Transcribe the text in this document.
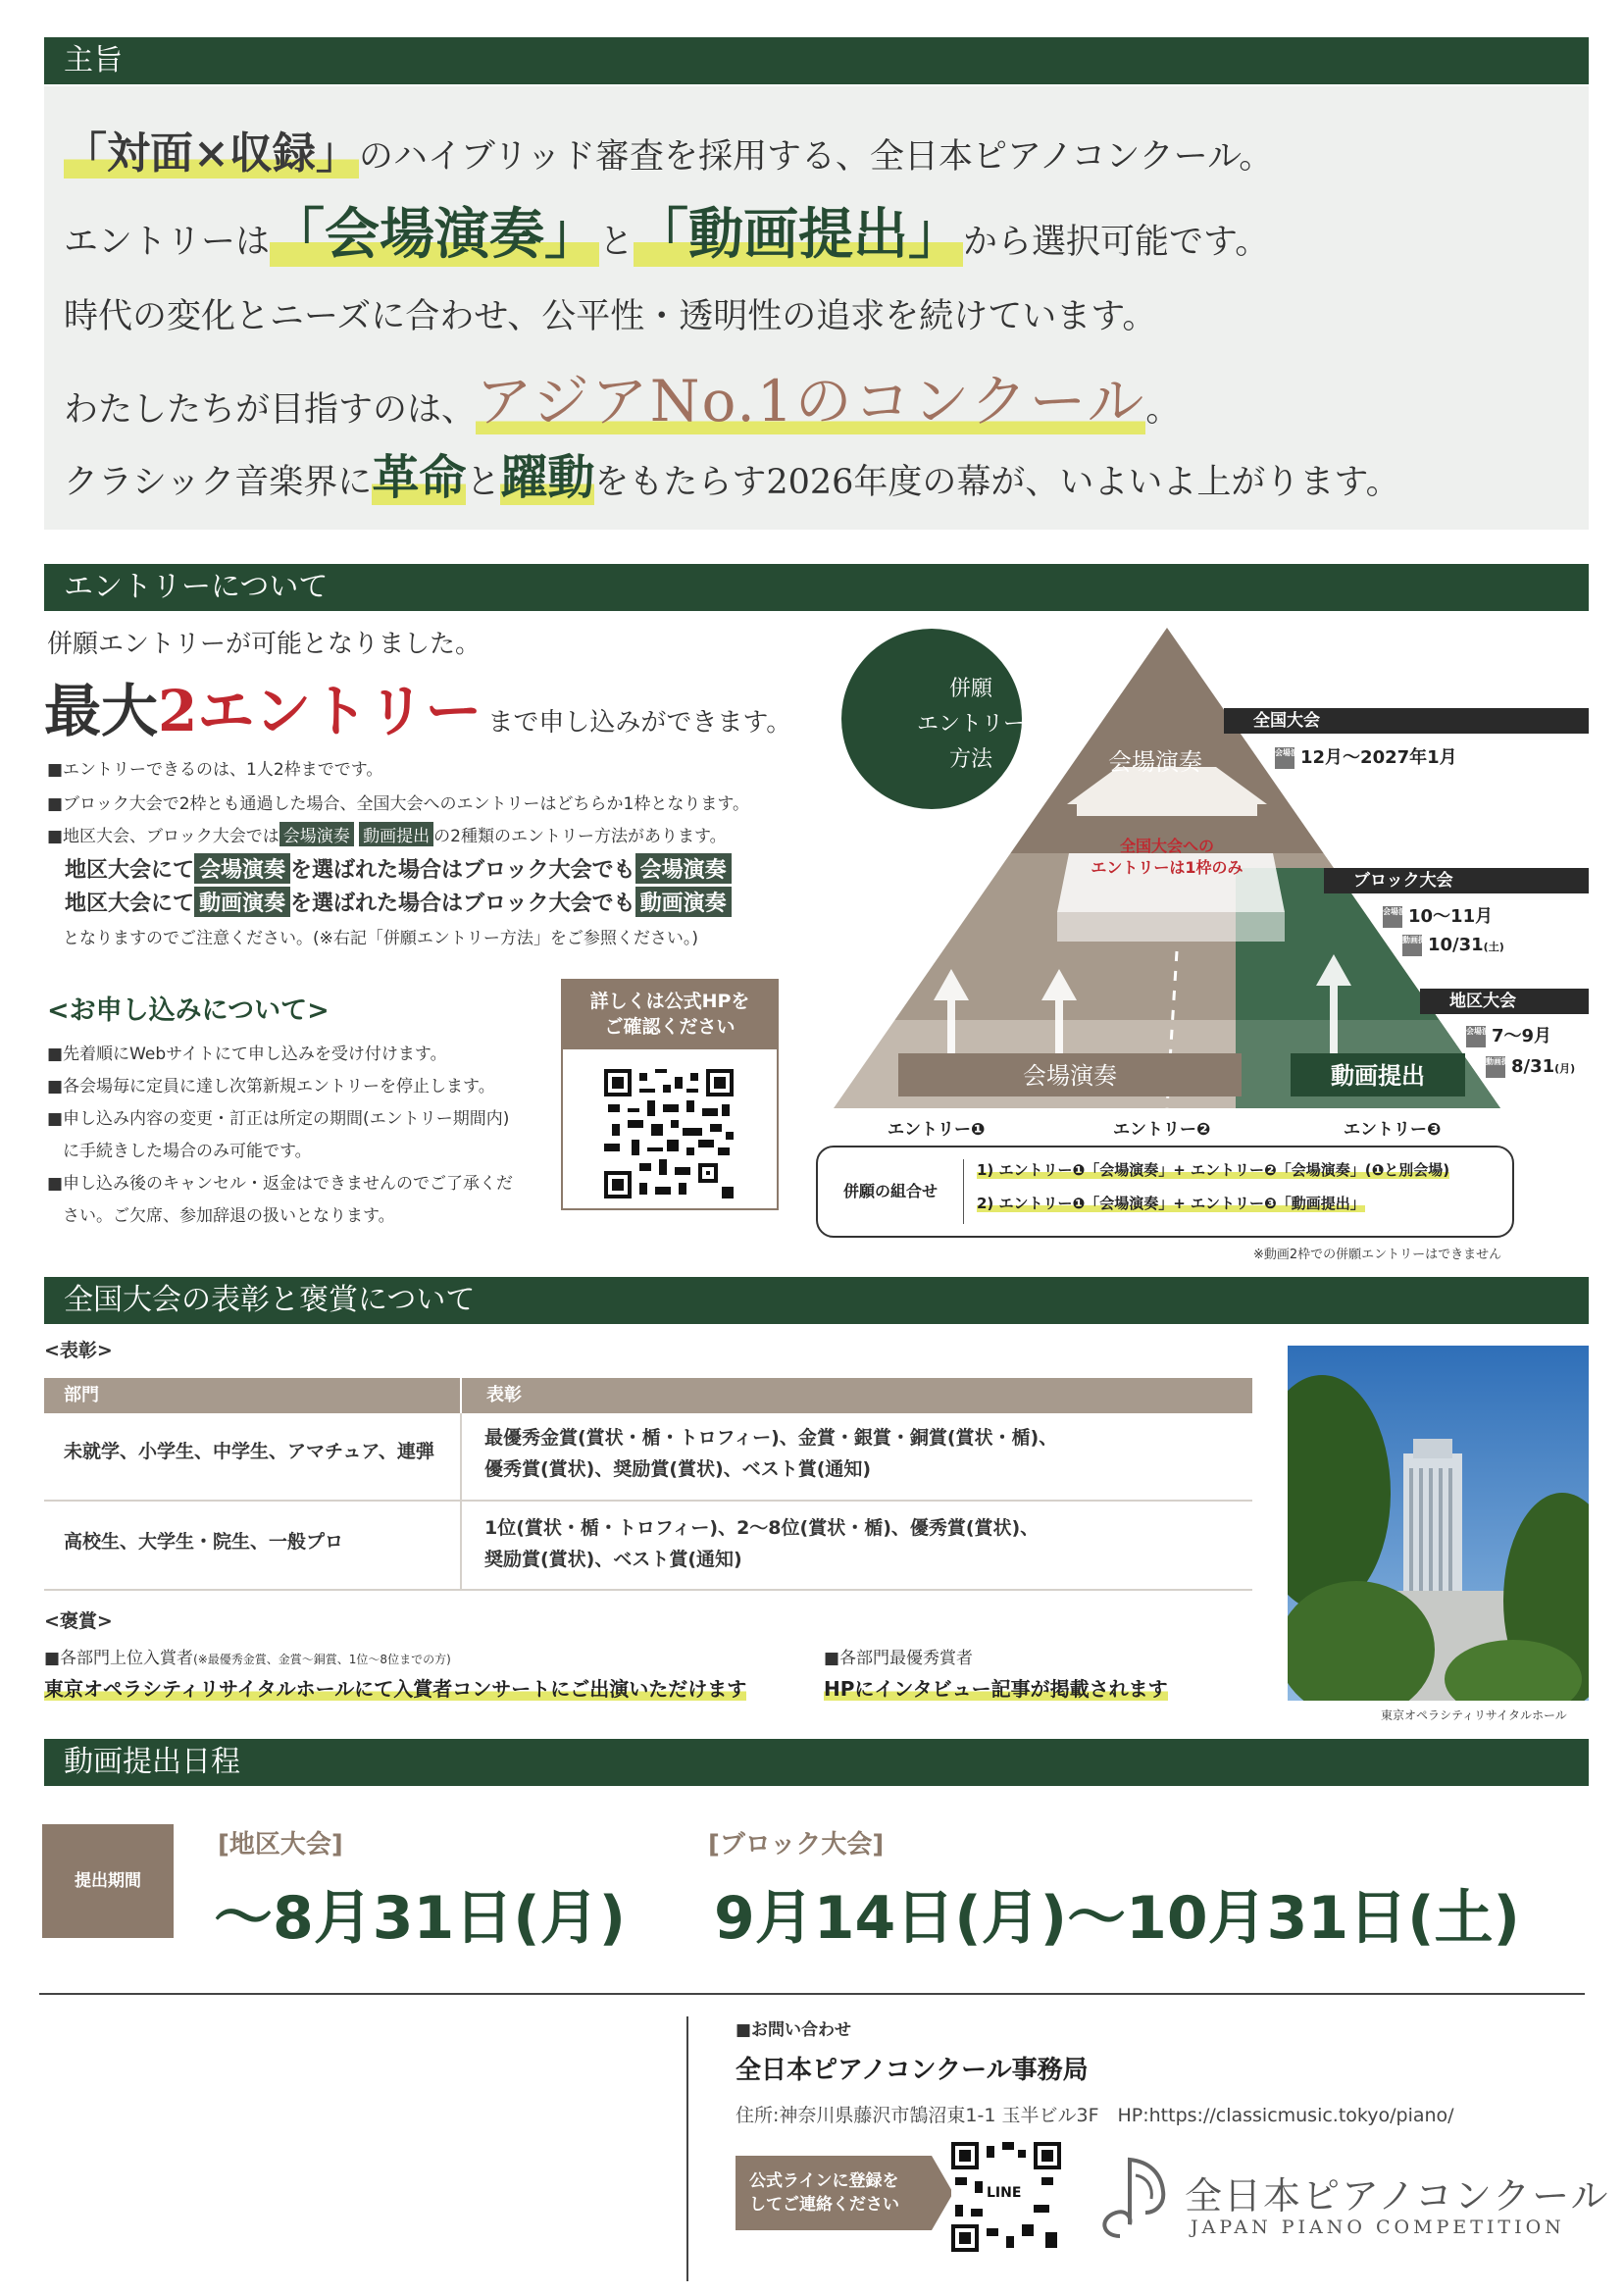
主旨
「対面×収録」のハイブリッド審査を採用する、全日本ピアノコンクール。
エントリーは「会場演奏」と「動画提出」から選択可能です。
時代の変化とニーズに合わせ、公平性・透明性の追求を続けています。
わたしたちが目指すのは、アジアNo.1のコンクール。
クラシック音楽界に革命と躍動をもたらす2026年度の幕が、いよいよ上がります。
エントリーについて
併願エントリーが可能となりました。
最大2エントリー まで申し込みができます。
■エントリーできるのは、1人2枠までです。
■ブロック大会で2枠とも通過した場合、全国大会へのエントリーはどちらか1枠となります。
■地区大会、ブロック大会では 会場演奏 動画提出 の2種類のエントリー方法があります。
地区大会にて 会場演奏 を選ばれた場合はブロック大会でも 会場演奏
地区大会にて 動画演奏 を選ばれた場合はブロック大会でも 動画演奏
となりますのでご注意ください。(※右記「併願エントリー方法」をご参照ください。)
<お申し込みについて>
■先着順にWebサイトにて申し込みを受け付けます。
■各会場毎に定員に達し次第新規エントリーを停止します。
■申し込み内容の変更・訂正は所定の期間(エントリー期間内)
に手続きした場合のみ可能です。
■申し込み後のキャンセル・返金はできませんのでご了承くだ
さい。ご欠席、参加辞退の扱いとなります。
詳しくは公式HPを
ご確認ください
併願
エントリー
方法	会場演奏
全国大会への
エントリーは1枠のみ
会場演奏	動画提出
全国大会
会場演奏12月〜2027年1月
ブロック大会
会場演奏10〜11月
動画提出10/31(土)
地区大会
会場演奏7〜9月
動画提出8/31(月)
エントリー❶	エントリー❷	エントリー❸
併願の組合せ
1) エントリー❶「会場演奏」+ エントリー❷「会場演奏」(❶と別会場)
2) エントリー❶「会場演奏」+ エントリー❸「動画提出」
※動画2枠での併願エントリーはできません
全国大会の表彰と褒賞について
<表彰>
部門	表彰
未就学、小学生、中学生、アマチュア、連弾
最優秀金賞(賞状・楯・トロフィー)、金賞・銀賞・銅賞(賞状・楯)、
優秀賞(賞状)、奨励賞(賞状)、ベスト賞(通知)
高校生、大学生・院生、一般プロ
1位(賞状・楯・トロフィー)、2〜8位(賞状・楯)、優秀賞(賞状)、
奨励賞(賞状)、ベスト賞(通知)
<褒賞>
■各部門上位入賞者(※最優秀金賞、金賞〜銅賞、1位〜8位までの方)
東京オペラシティリサイタルホールにて入賞者コンサートにご出演いただけます
■各部門最優秀賞者
HPにインタビュー記事が掲載されます
東京オペラシティリサイタルホール
動画提出日程
提出期間
[地区大会]
〜8月31日(月)
[ブロック大会]
9月14日(月)〜10月31日(土)
■お問い合わせ
全日本ピアノコンクール事務局
住所:神奈川県藤沢市鵠沼東1-1 玉半ビル3F　HP:https://classicmusic.tokyo/piano/
公式ラインに登録を
してご連絡ください
LINE	全日本ピアノコンクール
JAPAN PIANO COMPETITION
